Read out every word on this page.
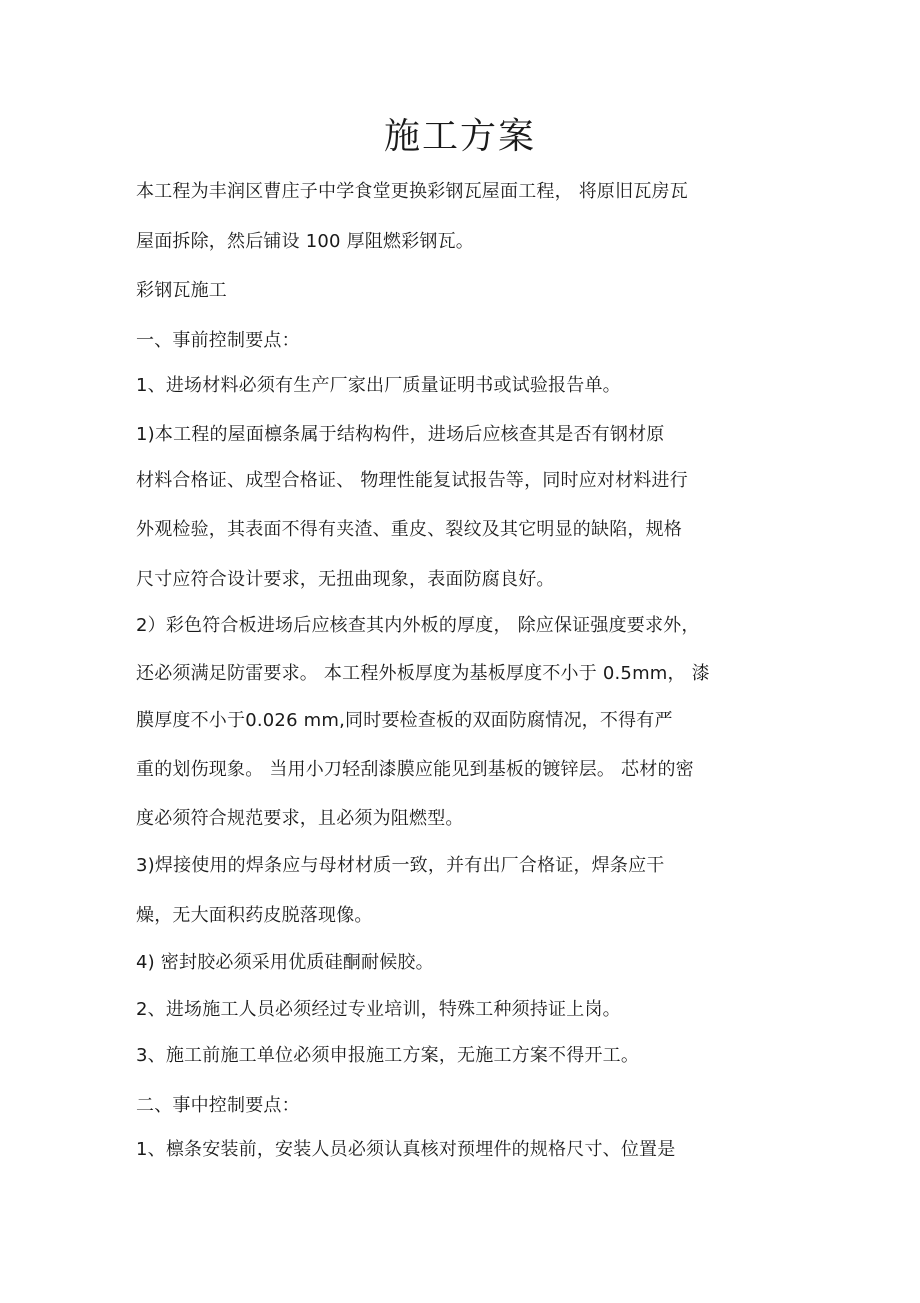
施工方案
本工程为丰润区曹庄子中学食堂更换彩钢瓦屋面工程， 将原旧瓦房瓦
屋面拆除，然后铺设 100 厚阻燃彩钢瓦。
彩钢瓦施工
一、事前控制要点：
1、进场材料必须有生产厂家出厂质量证明书或试验报告单。
1)本工程的屋面檩条属于结构构件，进场后应核查其是否有钢材原
材料合格证、成型合格证、 物理性能复试报告等，同时应对材料进行
外观检验，其表面不得有夹渣、重皮、裂纹及其它明显的缺陷，规格
尺寸应符合设计要求，无扭曲现象，表面防腐良好。
2）彩色符合板进场后应核查其内外板的厚度， 除应保证强度要求外，
还必须满足防雷要求。 本工程外板厚度为基板厚度不小于 0.5mm， 漆
膜厚度不小于0.026 mm,同时要检查板的双面防腐情况，不得有严
重的划伤现象。 当用小刀轻刮漆膜应能见到基板的镀锌层。 芯材的密
度必须符合规范要求，且必须为阻燃型。
3)焊接使用的焊条应与母材材质一致，并有出厂合格证，焊条应干
燥，无大面积药皮脱落现像。
4) 密封胶必须采用优质硅酮耐候胶。
2、进场施工人员必须经过专业培训，特殊工种须持证上岗。
3、施工前施工单位必须申报施工方案，无施工方案不得开工。
二、事中控制要点：
1、檩条安装前，安装人员必须认真核对预埋件的规格尺寸、位置是
